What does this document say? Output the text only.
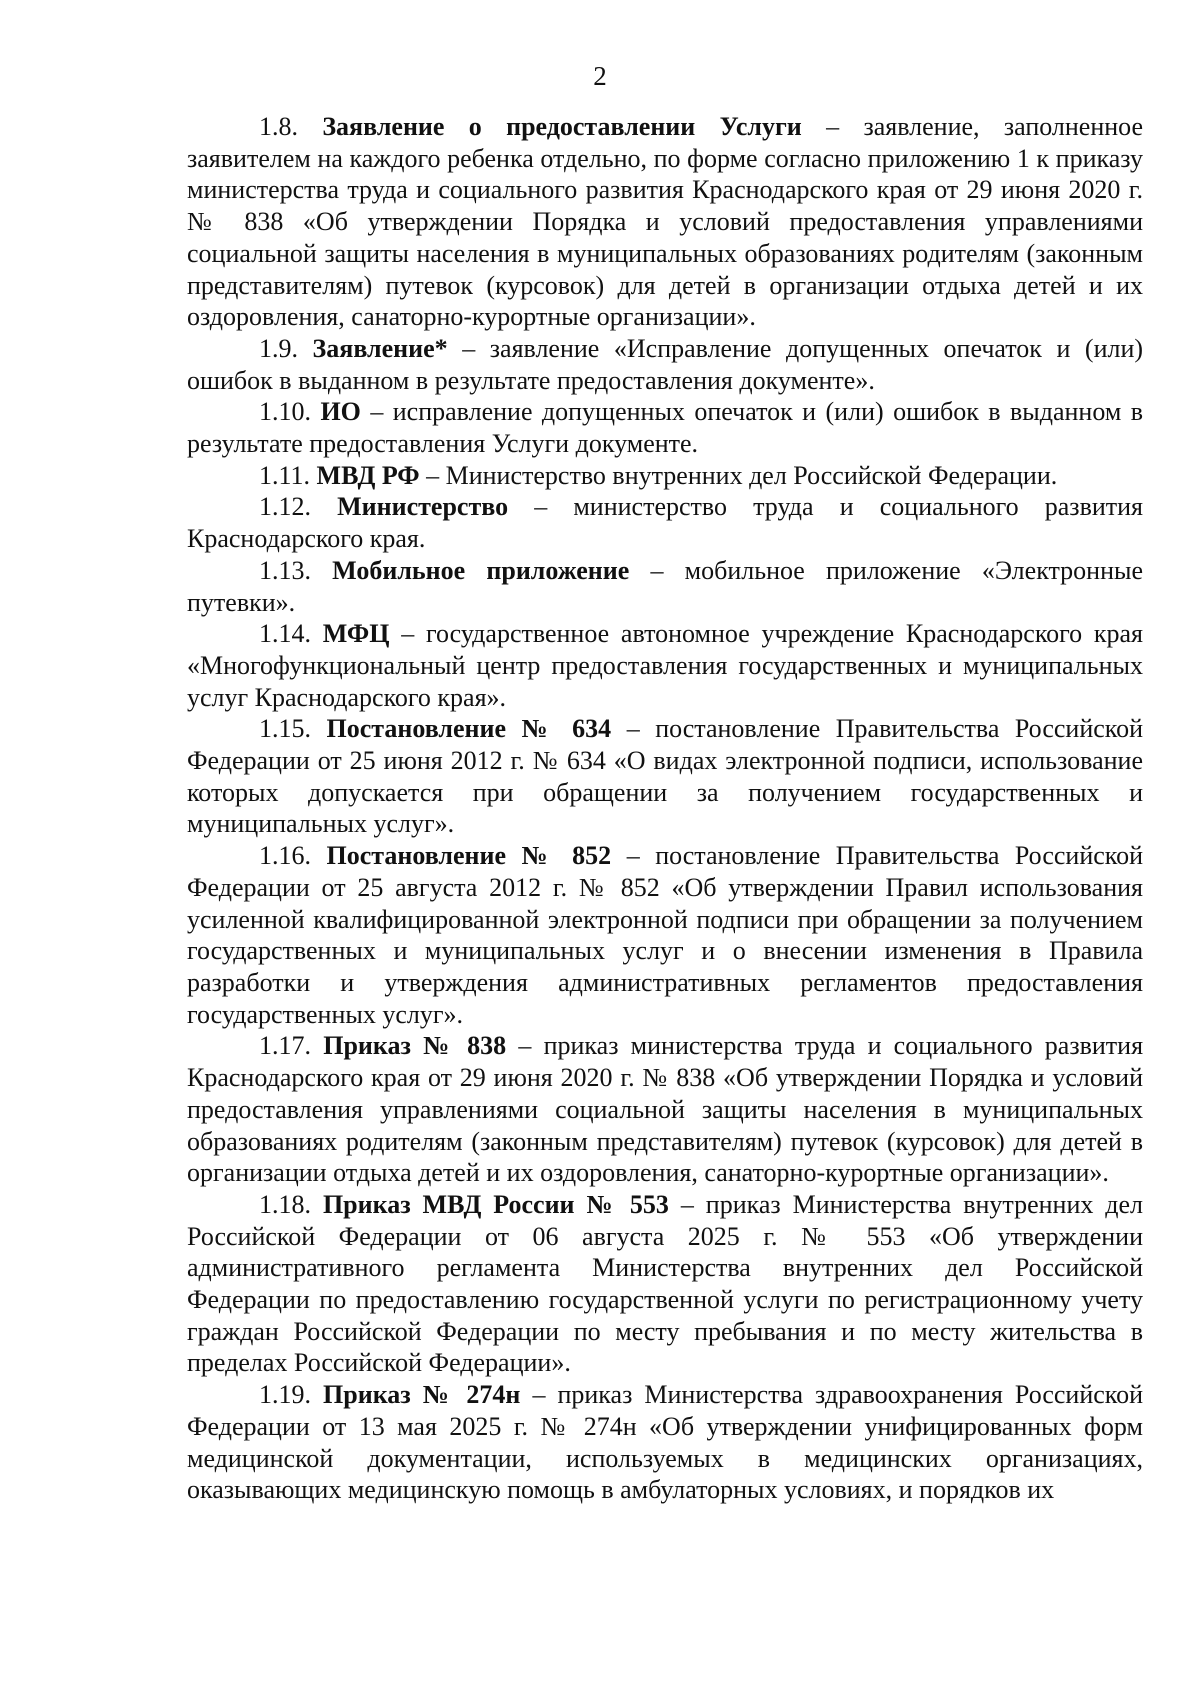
2

1.8. Заявление о предоставлении Услуги – заявление, заполненное заявителем на каждого ребенка отдельно, по форме согласно приложению 1 к приказу министерства труда и социального развития Краснодарского края от 29 июня 2020 г. № 838 «Об утверждении Порядка и условий предоставления управлениями социальной защиты населения в муниципальных образованиях родителям (законным представителям) путевок (курсовок) для детей в организации отдыха детей и их оздоровления, санаторно-курортные организации».

1.9. Заявление* – заявление «Исправление допущенных опечаток и (или) ошибок в выданном в результате предоставления документе».

1.10. ИО – исправление допущенных опечаток и (или) ошибок в выданном в результате предоставления Услуги документе.

1.11. МВД РФ – Министерство внутренних дел Российской Федерации.

1.12. Министерство – министерство труда и социального развития Краснодарского края.

1.13. Мобильное приложение – мобильное приложение «Электронные путевки».

1.14. МФЦ – государственное автономное учреждение Краснодарского края «Многофункциональный центр предоставления государственных и муниципальных услуг Краснодарского края».

1.15. Постановление № 634 – постановление Правительства Российской Федерации от 25 июня 2012 г. № 634 «О видах электронной подписи, использование которых допускается при обращении за получением государственных и муниципальных услуг».

1.16. Постановление № 852 – постановление Правительства Российской Федерации от 25 августа 2012 г. № 852 «Об утверждении Правил использования усиленной квалифицированной электронной подписи при обращении за получением государственных и муниципальных услуг и о внесении изменения в Правила разработки и утверждения административных регламентов предоставления государственных услуг».

1.17. Приказ № 838 – приказ министерства труда и социального развития Краснодарского края от 29 июня 2020 г. № 838 «Об утверждении Порядка и условий предоставления управлениями социальной защиты населения в муниципальных образованиях родителям (законным представителям) путевок (курсовок) для детей в организации отдыха детей и их оздоровления, санаторно-курортные организации».

1.18. Приказ МВД России № 553 – приказ Министерства внутренних дел Российской Федерации от 06 августа 2025 г. № 553 «Об утверждении административного регламента Министерства внутренних дел Российской Федерации по предоставлению государственной услуги по регистрационному учету граждан Российской Федерации по месту пребывания и по месту жительства в пределах Российской Федерации».

1.19. Приказ № 274н – приказ Министерства здравоохранения Российской Федерации от 13 мая 2025 г. № 274н «Об утверждении унифицированных форм медицинской документации, используемых в медицинских организациях, оказывающих медицинскую помощь в амбулаторных условиях, и порядков их
